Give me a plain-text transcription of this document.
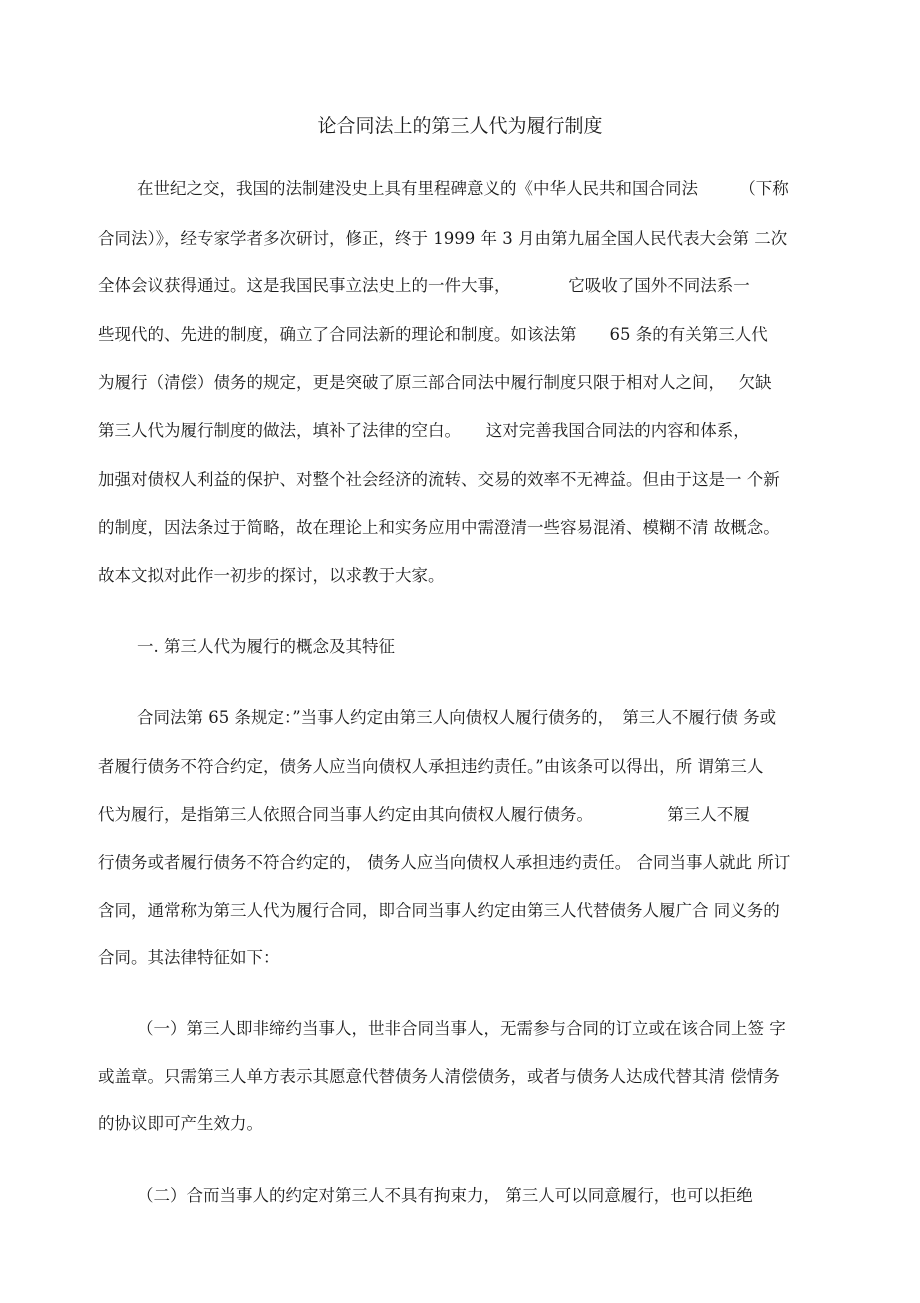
论合同法上的第三人代为履行制度
在世纪之交，我国的法制建没史上具有里程碑意义的《中华人民共和国合同法　　　（下称
合同法）》，经专家学者多次研讨，修正，终于 1999 年 3 月由第九届全国人民代表大会第 二次
全体会议获得通过。这是我国民事立法史上的一件大事，　　　　它吸收了国外不同法系一
些现代的、先进的制度，确立了合同法新的理论和制度。如该法第　　65 条的有关第三人代
为履行（清偿）债务的规定，更是突破了原三部合同法中履行制度只限于相对人之间，　 欠缺
第三人代为履行制度的做法，填补了法律的空白。　　这对完善我国合同法的内容和体系，
加强对债权人利益的保护、对整个社会经济的流转、交易的效率不无裨益。但由于这是一 个新
的制度，因法条过于简略，故在理论上和实务应用中需澄清一些容易混淆、模糊不清 故概念。
故本文拟对此作一初步的探讨，以求教于大家。
一. 第三人代为履行的概念及其特征
合同法第 65 条规定：”当事人约定由第三人向债权人履行债务的，　第三人不履行债 务或
者履行债务不符合约定，债务人应当向债权人承担违约责任。”由该条可以得出，所 谓第三人
代为履行，是指第三人依照合同当事人约定由其向债权人履行债务。　　　　　第三人不履
行债务或者履行债务不符合约定的， 债务人应当向债权人承担违约责任。 合同当事人就此 所订
含同，通常称为第三人代为履行合同，即合同当事人约定由第三人代替债务人履广合 同义务的
合同。其法律特征如下：
（一）第三人即非缔约当事人，世非合同当事人，无需参与合同的订立或在该合同上签 字
或盖章。只需第三人单方表示其愿意代替债务人清偿债务，或者与债务人达成代替其清 偿情务
的协议即可产生效力。
（二）合而当事人的约定对第三人不具有拘束力， 第三人可以同意履行，也可以拒绝
